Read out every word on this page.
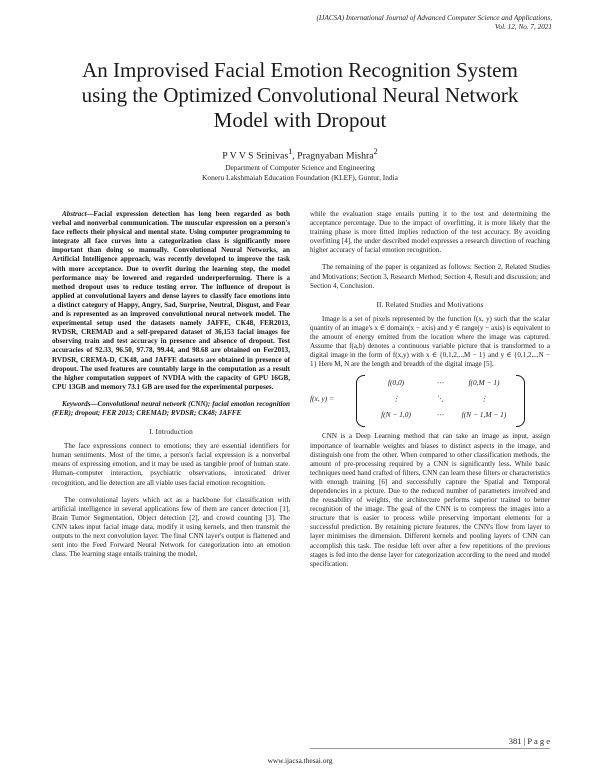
(IJACSA) International Journal of Advanced Computer Science and Applications,
Vol. 12, No. 7, 2021
An Improvised Facial Emotion Recognition System
using the Optimized Convolutional Neural Network
Model with Dropout
P V V S Srinivas$^1$, Pragnyaban Mishra$^2$
Department of Computer Science and Engineering
Koneru Lakshmaiah Education Foundation (KLEF), Guntur, India

Abstract—Facial expression detection has long been regarded as both verbal and nonverbal communication. The muscular expression on a person's face reflects their physical and mental state. Using computer programming to integrate all face curves into a categorization class is significantly more important than doing so manually. Convolutional Neural Networks, an Artificial Intelligence approach, was recently developed to improve the task with more acceptance. Due to overfit during the learning step, the model performance may be lowered and regarded underperforming. There is a method dropout uses to reduce testing error. The influence of dropout is applied at convolutional layers and dense layers to classify face emotions into a distinct category of Happy, Angry, Sad, Surprise, Neutral, Disgust, and Fear and is represented as an improved convolutional neural network model. The experimental setup used the datasets namely JAFFE, CK48, FER2013, RVDSR, CREMAD and a self-prepared dataset of 36,153 facial images for observing train and test accuracy in presence and absence of dropout. Test accuracies of 92.33, 96.50, 97.78, 99.44, and 98.68 are obtained on Fer2013, RVDSR, CREMA-D, CK48, and JAFFE datasets are obtained in presence of dropout. The used features are countably large in the computation as a result the higher computation support of NVDIA with the capacity of GPU 16GB, CPU 13GB and memory 73.1 GB are used for the experimental purposes.

Keywords—Convolutional neural network (CNN); facial emotion recognition (FER); dropout; FER 2013; CREMAD; RVDSR; CK48; JAFFE

I. Introduction

The face expressions connect to emotions; they are essential identifiers for human sentiments. Most of the time, a person's facial expression is a nonverbal means of expressing emotion, and it may be used as tangible proof of human state. Human–computer interaction, psychiatric observations, intoxicated driver recognition, and lie detection are all viable uses facial emotion recognition.

The convolutional layers which act as a backbone for classification with artificial intelligence in several applications few of them are cancer detection [1], Brain Tumor Segmentation, Object detection [2], and crowd counting [3]. The CNN takes input facial image data, modify it using kernels, and then transmit the outputs to the next convolution layer. The final CNN layer's output is flattened and sent into the Feed Forward Neural Network for categorization into an emotion class. The learning stage entails training the model,

while the evaluation stage entails putting it to the test and determining the acceptance percentage. Due to the impact of overfitting, it is more likely that the training phase is more fitted implies reduction of the test accuracy. By avoiding overfitting [4], the under described model expresses a research direction of reaching higher accuracy of facial emotion recognition.

The remaining of the paper is organized as follows: Section 2, Related Studies and Motivations; Section 3, Research Method; Section 4, Result and discussion; and Section 4, Conclusion.

II. Related Studies and Motivations

Image is a set of pixels represented by the function f(x, y) such that the scalar quantity of an image's x ∈ domain(x − axis) and y ∈ range(y − axis) is equivalent to the amount of energy emitted from the location where the image was captured. Assume that f(a,b) denotes a continuous variable picture that is transformed to a digital image in the form of f(x,y) with x ∈ {0,1,2,..,M − 1} and y ∈ {0,1,2,..,N − 1} Here M, N are the length and breadth of the digital image [5].

f(x, y) =
f(0,0)	⋯	f(0,M − 1)
⋮	⋱	⋮
f(N − 1,0)	⋯	f(N − 1,M − 1)

CNN is a Deep Learning method that can take an image as input, assign importance of learnable weights and biases to distinct aspects in the image, and distinguish one from the other. When compared to other classification methods, the amount of pre-processing required by a CNN is significantly less. While basic techniques need hand crafted of filters, CNN can learn these filters or characteristics with enough training [6] and successfully capture the Spatial and Temporal dependencies in a picture. Due to the reduced number of parameters involved and the reusability of weights, the architecture performs superior trained to better recognition of the image. The goal of the CNN is to compress the images into a structure that is easier to process while preserving important elements for a successful prediction. By retaining picture features, the CNN's flow from layer to layer minimises the dimension. Different kernels and pooling layers of CNN can accomplish this task. The residue left over after a few repetitions of the previous stages is fed into the dense layer for categorization according to the need and model specification.

381 | P a g e
www.ijacsa.thesai.org
